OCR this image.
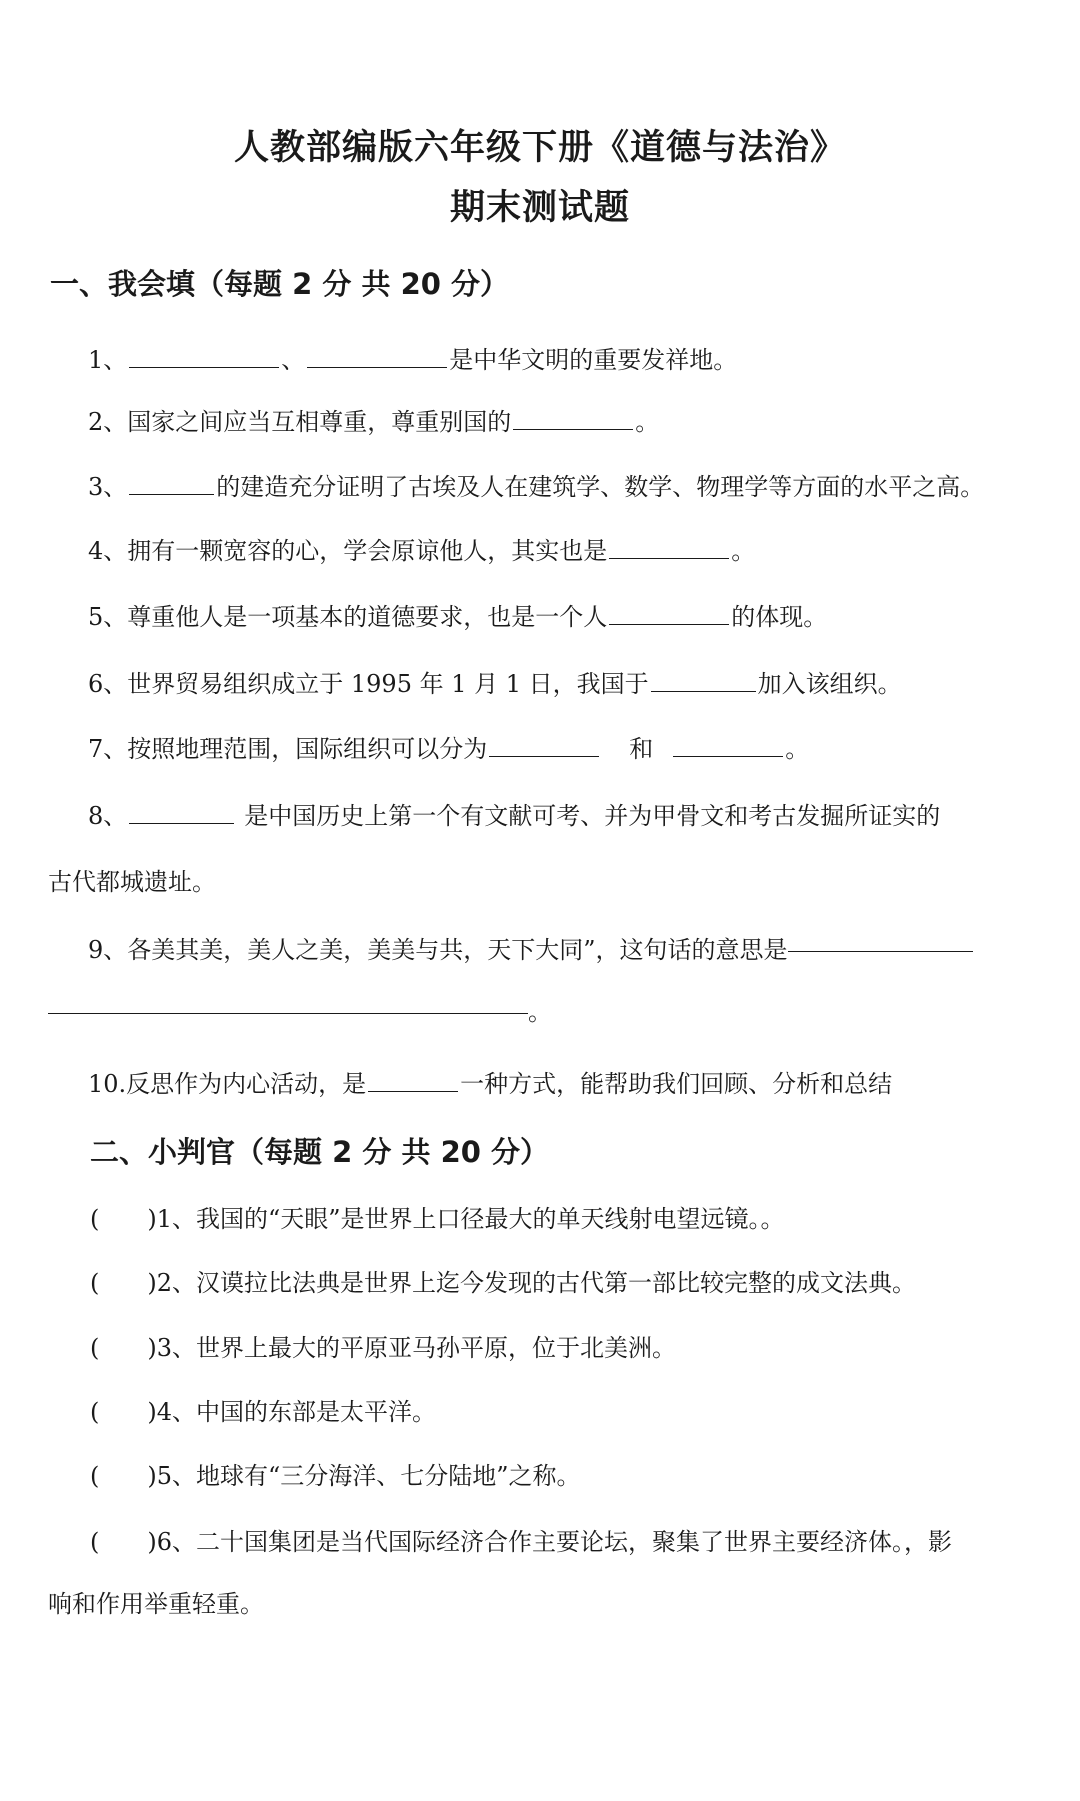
人教部编版六年级下册《道德与法治》
期末测试题
一、我会填（每题 2 分 共 20 分）
1、	、	是中华文明的重要发祥地。
2、国家之间应当互相尊重，尊重别国的	。
3、	的建造充分证明了古埃及人在建筑学、数学、物理学等方面的水平之高。
4、拥有一颗宽容的心，学会原谅他人，其实也是	。
5、尊重他人是一项基本的道德要求，也是一个人	的体现。
6、世界贸易组织成立于 1995 年 1 月 1 日，我国于	加入该组织。
7、按照地理范围，国际组织可以分为	和	。
8、	是中国历史上第一个有文献可考、并为甲骨文和考古发掘所证实的
古代都城遗址。
9、各美其美，美人之美，美美与共，天下大同”，这句话的意思是
。
10.反思作为内心活动，是	一种方式，能帮助我们回顾、分析和总结
二、小判官（每题 2 分 共 20 分）
( )1、我国的“天眼”是世界上口径最大的单天线射电望远镜。。
( )2、汉谟拉比法典是世界上迄今发现的古代第一部比较完整的成文法典。
( )3、世界上最大的平原亚马孙平原，位于北美洲。
( )4、中国的东部是太平洋。
( )5、地球有“三分海洋、七分陆地”之称。
( )6、二十国集团是当代国际经济合作主要论坛，聚集了世界主要经济体。，影
响和作用举重轻重。
